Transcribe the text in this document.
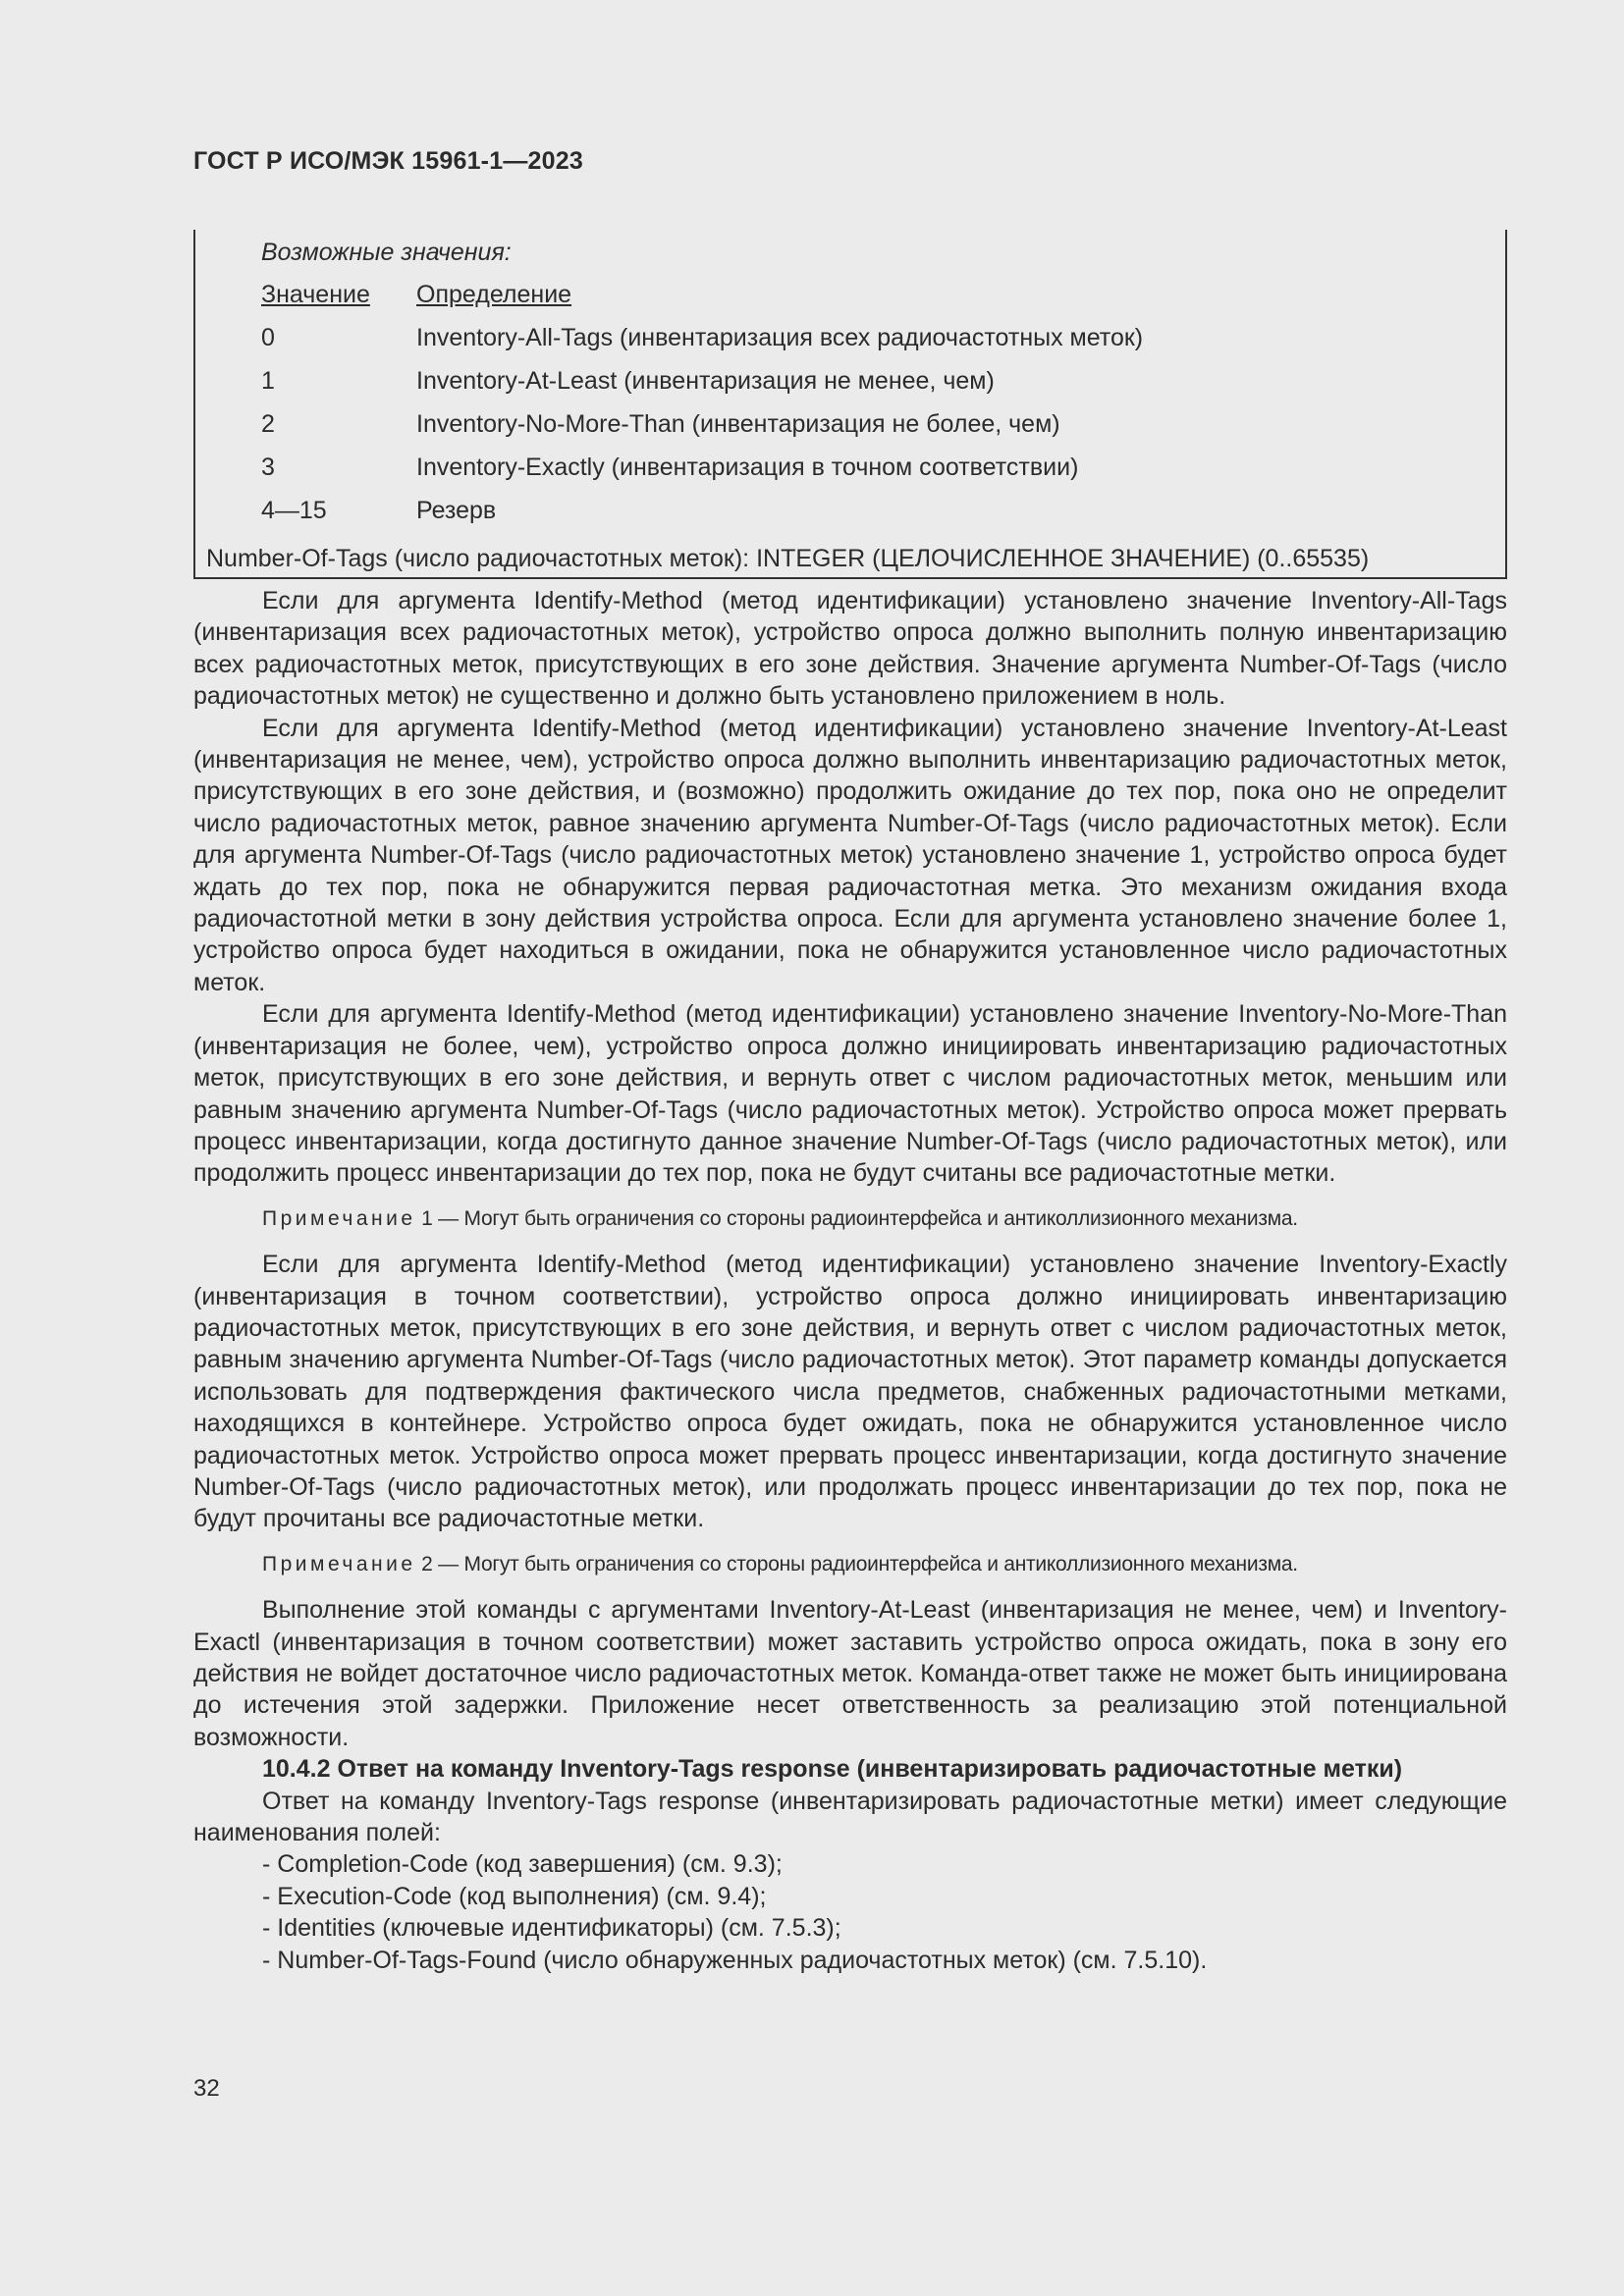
ГОСТ Р ИСО/МЭК 15961-1—2023
Возможные значения:
Значение	Определение
0	Inventory-All-Tags (инвентаризация всех радиочастотных меток)
1	Inventory-At-Least (инвентаризация не менее, чем)
2	Inventory-No-More-Than (инвентаризация не более, чем)
3	Inventory-Exactly (инвентаризация в точном соответствии)
4—15	Резерв
Number-Of-Tags (число радиочастотных меток): INTEGER (ЦЕЛОЧИСЛЕННОЕ ЗНАЧЕНИЕ) (0..65535)

Если для аргумента Identify-Method (метод идентификации) установлено значение Inventory-All-Tags (инвентаризация всех радиочастотных меток), устройство опроса должно выполнить полную инвентаризацию всех радиочастотных меток, присутствующих в его зоне действия. Значение аргумента Number-Of-Tags (число радиочастотных меток) не существенно и должно быть установлено приложением в ноль.

Если для аргумента Identify-Method (метод идентификации) установлено значение Inventory-At-Least (инвентаризация не менее, чем), устройство опроса должно выполнить инвентаризацию радиочастотных меток, присутствующих в его зоне действия, и (возможно) продолжить ожидание до тех пор, пока оно не определит число радиочастотных меток, равное значению аргумента Number-Of-Tags (число радиочастотных меток). Если для аргумента Number-Of-Tags (число радиочастотных меток) установлено значение 1, устройство опроса будет ждать до тех пор, пока не обнаружится первая радиочастотная метка. Это механизм ожидания входа радиочастотной метки в зону действия устройства опроса. Если для аргумента установлено значение более 1, устройство опроса будет находиться в ожидании, пока не обнаружится установленное число радиочастотных меток.

Если для аргумента Identify-Method (метод идентификации) установлено значение Inventory-No-More-Than (инвентаризация не более, чем), устройство опроса должно инициировать инвентаризацию радиочастотных меток, присутствующих в его зоне действия, и вернуть ответ с числом радиочастотных меток, меньшим или равным значению аргумента Number-Of-Tags (число радиочастотных меток). Устройство опроса может прервать процесс инвентаризации, когда достигнуто данное значение Number-Of-Tags (число радиочастотных меток), или продолжить процесс инвентаризации до тех пор, пока не будут считаны все радиочастотные метки.

Примечание 1 — Могут быть ограничения со стороны радиоинтерфейса и антиколлизионного механизма.

Если для аргумента Identify-Method (метод идентификации) установлено значение Inventory-Exactly (инвентаризация в точном соответствии), устройство опроса должно инициировать инвентаризацию радиочастотных меток, присутствующих в его зоне действия, и вернуть ответ с числом радиочастотных меток, равным значению аргумента Number-Of-Tags (число радиочастотных меток). Этот параметр команды допускается использовать для подтверждения фактического числа предметов, снабженных радиочастотными метками, находящихся в контейнере. Устройство опроса будет ожидать, пока не обнаружится установленное число радиочастотных меток. Устройство опроса может прервать процесс инвентаризации, когда достигнуто значение Number-Of-Tags (число радиочастотных меток), или продолжать процесс инвентаризации до тех пор, пока не будут прочитаны все радиочастотные метки.

Примечание 2 — Могут быть ограничения со стороны радиоинтерфейса и антиколлизионного механизма.

Выполнение этой команды с аргументами Inventory-At-Least (инвентаризация не менее, чем) и Inventory-Exactl (инвентаризация в точном соответствии) может заставить устройство опроса ожидать, пока в зону его действия не войдет достаточное число радиочастотных меток. Команда-ответ также не может быть инициирована до истечения этой задержки. Приложение несет ответственность за реализацию этой потенциальной возможности.

10.4.2 Ответ на команду Inventory-Tags response (инвентаризировать радиочастотные метки)

Ответ на команду Inventory-Tags response (инвентаризировать радиочастотные метки) имеет следующие наименования полей:

- Completion-Code (код завершения) (см. 9.3);
- Execution-Code (код выполнения) (см. 9.4);
- Identities (ключевые идентификаторы) (см. 7.5.3);
- Number-Of-Tags-Found (число обнаруженных радиочастотных меток) (см. 7.5.10).
32
